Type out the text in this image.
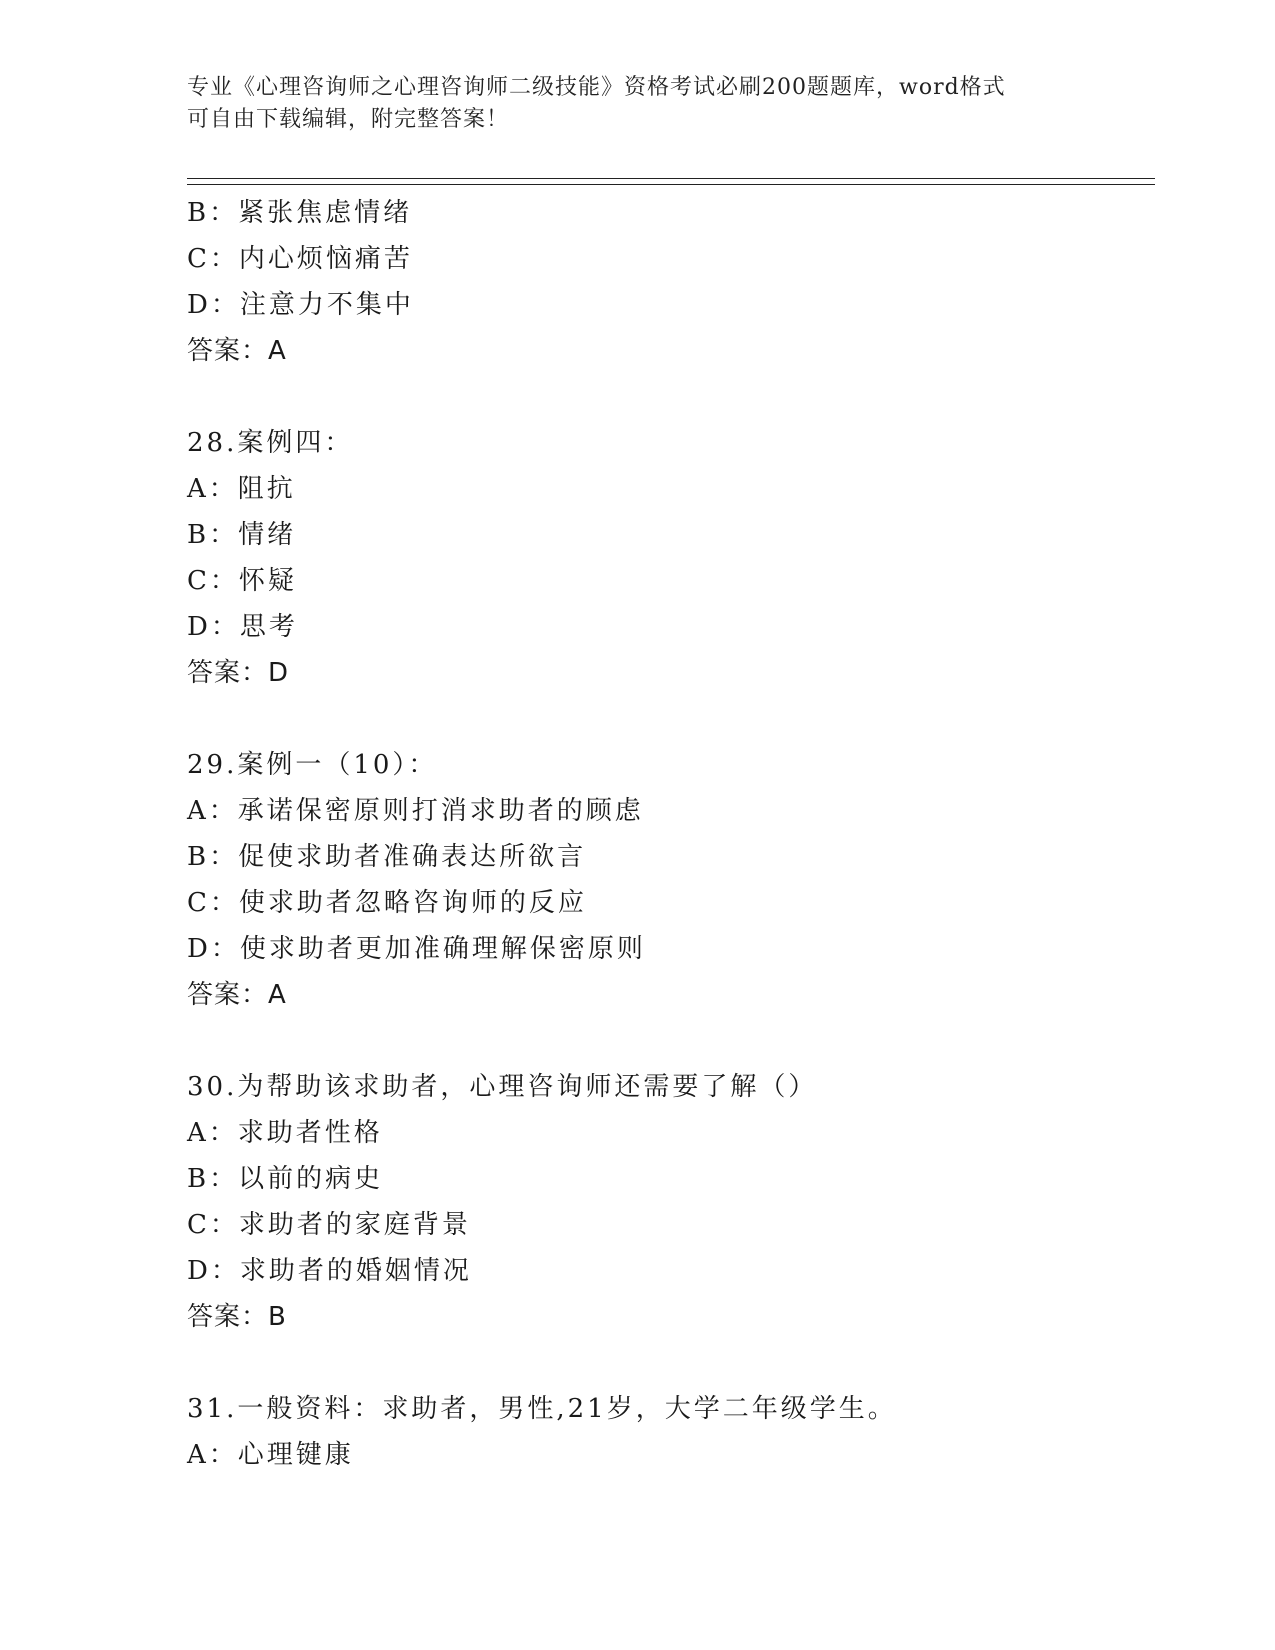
专业《心理咨询师之心理咨询师二级技能》资格考试必刷200题题库，word格式
可自由下载编辑，附完整答案！
B：紧张焦虑情绪
C：内心烦恼痛苦
D：注意力不集中
答案：A
28.案例四：
A：阻抗
B：情绪
C：怀疑
D：思考
答案：D
29.案例一（10）：
A：承诺保密原则打消求助者的顾虑
B：促使求助者准确表达所欲言
C：使求助者忽略咨询师的反应
D：使求助者更加准确理解保密原则
答案：A
30.为帮助该求助者，心理咨询师还需要了解（）
A：求助者性格
B：以前的病史
C：求助者的家庭背景
D：求助者的婚姻情况
答案：B
31.一般资料：求助者，男性,21岁，大学二年级学生。
A：心理键康
